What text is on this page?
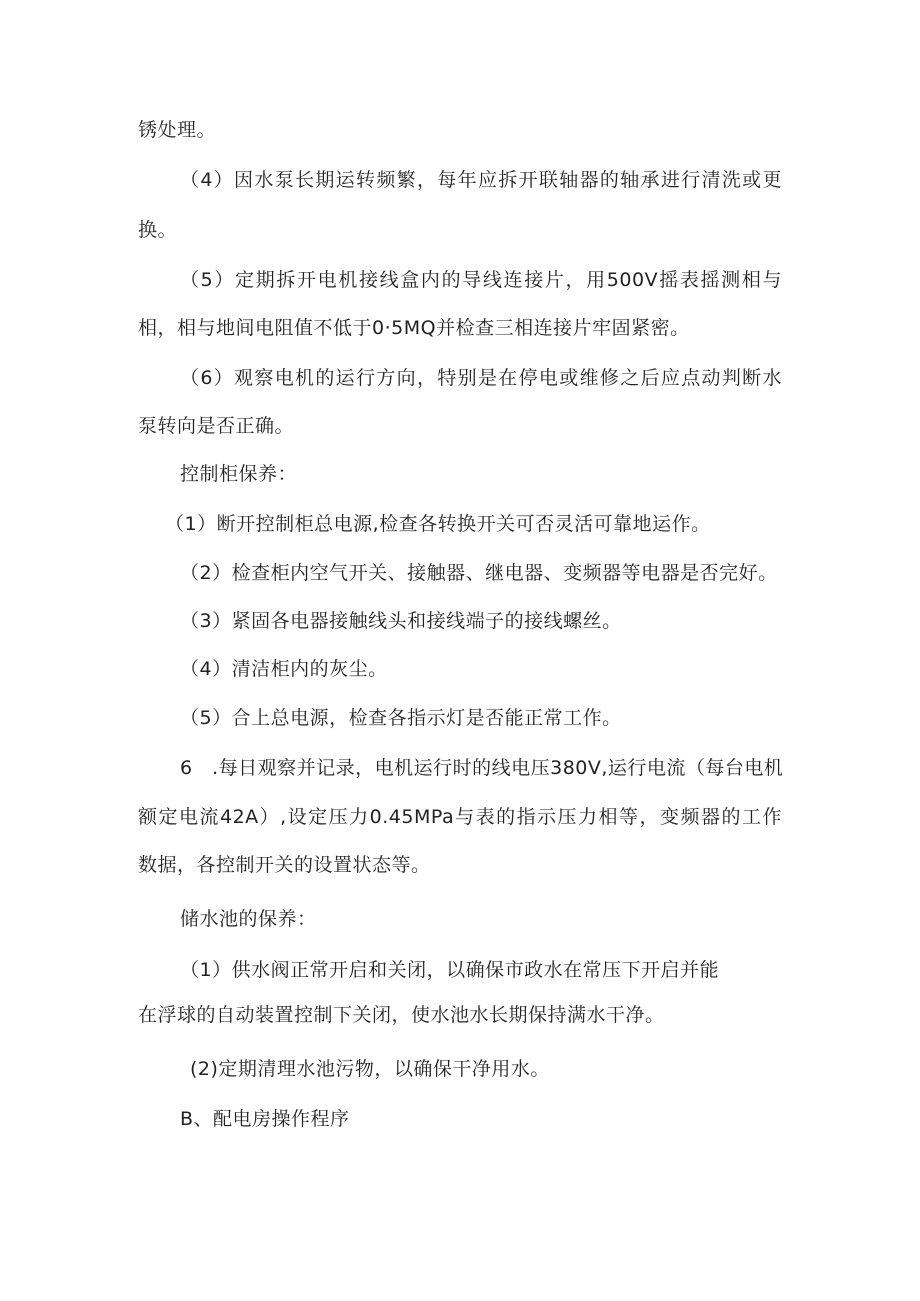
锈处理。
（4）因水泵长期运转频繁，每年应拆开联轴器的轴承进行清洗或更
换。
（5）定期拆开电机接线盒内的导线连接片，用500V摇表摇测相与
相，相与地间电阻值不低于0·5MQ并检查三相连接片牢固紧密。
（6）观察电机的运行方向，特别是在停电或维修之后应点动判断水
泵转向是否正确。
控制柜保养：
（1）断开控制柜总电源,检查各转换开关可否灵活可靠地运作。
（2）检查柜内空气开关、接触器、继电器、变频器等电器是否完好。
（3）紧固各电器接触线头和接线端子的接线螺丝。
（4）清洁柜内的灰尘。
（5）合上总电源，检查各指示灯是否能正常工作。
6　.每日观察并记录，电机运行时的线电压380V,运行电流（每台电机
额定电流42A）,设定压力0.45MPa与表的指示压力相等，变频器的工作
数据，各控制开关的设置状态等。
储水池的保养：
（1）供水阀正常开启和关闭，以确保市政水在常压下开启并能
在浮球的自动装置控制下关闭，使水池水长期保持满水干净。
(2)定期清理水池污物，以确保干净用水。
B、配电房操作程序
